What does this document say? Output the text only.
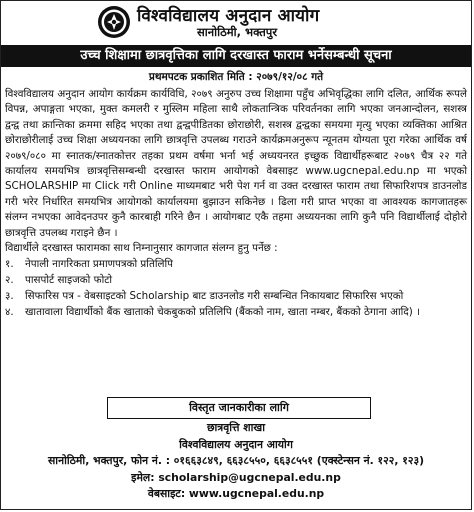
विश्वविद्यालय अनुदान आयोग
सानोठिमी, भक्तपुर
उच्च शिक्षामा छात्रवृत्तिका लागि दरखास्त फाराम भर्नेसम्बन्धी सूचना
प्रथमपटक प्रकाशित मिति : २०७९/१२/०८ गते

विश्वविद्यालय अनुदान आयोग कार्यक्रम कार्यविधि, २०७९ अनुरुप उच्च शिक्षामा पहुँच अभिवृद्धिका लागि दलित, आर्थिक रूपले विपन्न, अपाङ्गता भएका, मुक्त कमलरी र मुस्लिम महिला साथै लोकतान्त्रिक परिवर्तनका लागि भएका जनआन्दोलन, सशस्त्र द्वन्द्व तथा क्रान्तिका क्रममा सहिद भएका तथा द्वन्द्वपीडितका छोराछोरी, सशस्त्र द्वन्द्वका समयमा मृत्यु भएका व्यक्तिका आश्रित छोराछोरीलाई उच्च शिक्षा अध्ययनका लागि छात्रवृत्ति उपलब्ध गराउने कार्यक्रमअनुरूप न्यूनतम योग्यता पूरा गरेका आर्थिक वर्ष २०७९/०८० मा स्नातक/स्नातकोत्तर तहका प्रथम वर्षमा भर्ना भई अध्ययनरत इच्छुक विद्यार्थीहरूबाट २०७९ चैत्र २२ गते कार्यालय समयभित्र छात्रवृत्तिसम्बन्धी दरखास्त फाराम आयोगको वेबसाइट www.ugcnepal.edu.np मा भएको SCHOLARSHIP मा Click गरी Online माध्यमबाट भरी पेश गर्न वा उक्त दरखास्त फाराम तथा सिफारिशपत्र डाउनलोड गरी भरेर निर्धारित समयभित्र आयोगको कार्यालयमा बुझाउन सकिनेछ । ढिला गरी प्राप्त भएका वा आवश्यक कागजातहरू संलग्न नभएका आवेदनउपर कुनै कारबाही गरिने छैन । आयोगबाट एकै तहमा अध्ययनका लागि कुनै पनि विद्यार्थीलाई दोहोरो छात्रवृत्ति उपलब्ध गराइने छैन ।

विद्यार्थीले दरखास्त फारामका साथ निम्नानुसार कागजात संलग्न हुनु पर्नेछ :

१.	नेपाली नागरिकता प्रमाणपत्रको प्रतिलिपि
२.	पासपोर्ट साइजको फोटो
३.	सिफारिस पत्र - वेबसाइटको Scholarship बाट डाउनलोड गरी सम्बन्धित निकायबाट सिफारिस भएको
४.	खातावाला विद्यार्थीको बैंक खाताको चेकबुकको प्रतिलिपि (बैंकको नाम, खाता नम्बर, बैंकको ठेगाना आदि) ।
विस्तृत जानकारीका लागि
छात्रवृत्ति शाखा
विश्वविद्यालय अनुदान आयोग
सानोठिमी, भक्तपुर, फोन नं. : ०१६६३८४९, ६६३८५५०, ६६३८५५१ (एक्स्टेन्सन नं. १२२, १२३)
इमेल: scholarship@ugcnepal.edu.np
वेबसाइट: www.ugcnepal.edu.np
